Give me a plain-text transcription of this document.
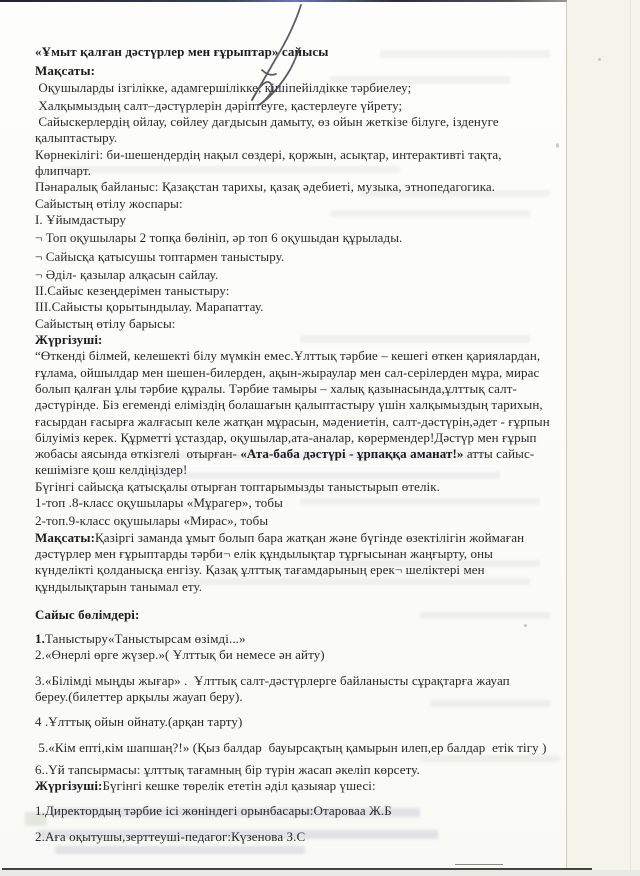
«Ұмыт қалған дәстүрлер мен ғұрыптар» сайысы
Мақсаты:
Оқушыларды ізгілікке, адамгершілікке, кішіпейілдікке тәрбиелеу;
Халқымыздың салт–дәстүрлерін дәріптеуге, қастерлеуге үйрету;
Сайыскерлердің ойлау, сөйлеу дағдысын дамыту, өз ойын жеткізе білуге, ізденуге
қалыптастыру.
Көрнекілігі: би-шешендердің нақыл сөздері, қоржын, асықтар, интерактивті тақта,
флипчарт.
Пәнаралық байланыс: Қазақстан тарихы, қазақ әдебиеті, музыка, этнопедагогика.
Сайыстың өтілу жоспары:
I. Ұйымдастыру
¬ Топ оқушылары 2 топқа бөлініп, әр топ 6 оқушыдан құрылады.
¬ Сайысқа қатысушы топтармен таныстыру.
¬ Әділ- қазылар алқасын сайлау.
II.Сайыс кезеңдерімен таныстыру:
III.Сайысты қорытындылау. Марапаттау.
Сайыстың өтілу барысы:
Жүргізуші:
“Өткенді білмей, келешекті білу мүмкін емес.Ұлттық тәрбие – кешегі өткен қариялардан,
ғұлама, ойшылдар мен шешен-билерден, ақын-жыраулар мен сал-серілерден мұра, мирас
болып қалған ұлы тәрбие құралы. Тәрбие тамыры – халық қазынасында,ұлттық салт-
дәстүрінде. Біз егеменді еліміздің болашағын қалыптастыру үшін халқымыздың тарихын,
ғасырдан ғасырға жалғасып келе жатқан мұрасын, мәдениетін, салт-дәстүрін,әдет - ғұрпын
білуіміз керек. Құрметті ұстаздар, оқушылар,ата-аналар, көрермендер!Дәстүр мен ғұрып
жобасы аясында өткізгелі  отырған- «Ата-баба дәстүрі - ұрпаққа аманат!» атты сайыс-
кешімізге қош келдіңіздер!
Бүгінгі сайысқа қатысқалы отырған топтарымызды таныстырып өтелік.
1-топ .8-класс оқушылары «Мұрагер», тобы
2-топ.9-класс оқушылары «Мирас», тобы
Мақсаты:Қазіргі заманда ұмыт болып бара жатқан және бүгінде өзектілігін жоймаған
дәстүрлер мен ғұрыптарды тәрби¬ елік құндылықтар тұрғысынан жаңғырту, оны
күнделікті қолданысқа енгізу. Қазақ ұлттық тағамдарының ерек¬ шеліктері мен
құндылықтарын танымал ету.
Сайыс бөлімдері:
1.Таныстыру«Таныстырсам өзімді...»
2.«Өнерлі өрге жүзер.»( Ұлттық би немесе ән айту)
3.«Білімді мыңды жығар» .  Ұлттық салт-дәстүрлерге байланысты сұрақтарға жауап
береу.(билеттер арқылы жауап беру).
4 .Ұлттық ойын ойнату.(арқан тарту)
5.«Кім епті,кім шапшаң?!» (Қыз балдар  бауырсақтың қамырын илеп,ер балдар  етік тігу )
6..Үй тапсырмасы: ұлттық тағамның бір түрін жасап әкеліп көрсету.
Жүргізуші:Бүгінгі кешке төрелік ететін әділ қазыяар үшесі:
1.Директордың тәрбие ісі жөніндегі орынбасары:Отароваа Ж.Б
2.Аға оқытушы,зерттеуші-педагог:Күзенова З.С
